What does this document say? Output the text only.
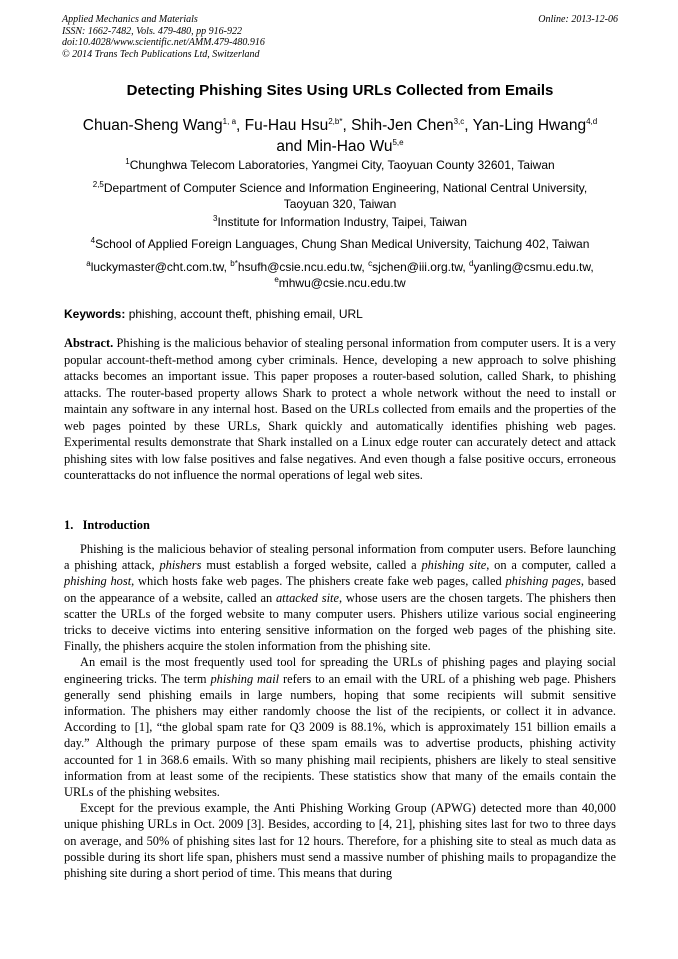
Applied Mechanics and Materials
ISSN: 1662-7482, Vols. 479-480, pp 916-922
doi:10.4028/www.scientific.net/AMM.479-480.916
© 2014 Trans Tech Publications Ltd, Switzerland
Online: 2013-12-06
Detecting Phishing Sites Using URLs Collected from Emails
Chuan-Sheng Wang$^{1, a}$, Fu-Hau Hsu$^{2,b*}$, Shih-Jen Chen$^{3,c}$, Yan-Ling Hwang$^{4,d}$
and Min-Hao Wu$^{5,e}$
$^1$Chunghwa Telecom Laboratories, Yangmei City, Taoyuan County 32601, Taiwan
$^{2,5}$Department of Computer Science and Information Engineering, National Central University,
Taoyuan 320, Taiwan
$^3$Institute for Information Industry, Taipei, Taiwan
$^4$School of Applied Foreign Languages, Chung Shan Medical University, Taichung 402, Taiwan
$^a$luckymaster@cht.com.tw, $^{b*}$hsufh@csie.ncu.edu.tw, $^c$sjchen@iii.org.tw, $^d$yanling@csmu.edu.tw,
$^e$mhwu@csie.ncu.edu.tw
Keywords: phishing, account theft, phishing email, URL
Abstract. Phishing is the malicious behavior of stealing personal information from computer users. It is a very popular account-theft-method among cyber criminals. Hence, developing a new approach to solve phishing attacks becomes an important issue. This paper proposes a router-based solution, called Shark, to phishing attacks. The router-based property allows Shark to protect a whole network without the need to install or maintain any software in any internal host. Based on the URLs collected from emails and the properties of the web pages pointed by these URLs, Shark quickly and automatically identifies phishing web pages. Experimental results demonstrate that Shark installed on a Linux edge router can accurately detect and attack phishing sites with low false positives and false negatives. And even though a false positive occurs, erroneous counterattacks do not influence the normal operations of legal web sites.
1. Introduction

Phishing is the malicious behavior of stealing personal information from computer users. Before launching a phishing attack, phishers must establish a forged website, called a phishing site, on a computer, called a phishing host, which hosts fake web pages. The phishers create fake web pages, called phishing pages, based on the appearance of a website, called an attacked site, whose users are the chosen targets. The phishers then scatter the URLs of the forged website to many computer users. Phishers utilize various social engineering tricks to deceive victims into entering sensitive information on the forged web pages of the phishing site. Finally, the phishers acquire the stolen information from the phishing site.

An email is the most frequently used tool for spreading the URLs of phishing pages and playing social engineering tricks. The term phishing mail refers to an email with the URL of a phishing web page. Phishers generally send phishing emails in large numbers, hoping that some recipients will submit sensitive information. The phishers may either randomly choose the list of the recipients, or collect it in advance. According to [1], “the global spam rate for Q3 2009 is 88.1%, which is approximately 151 billion emails a day.” Although the primary purpose of these spam emails was to advertise products, phishing activity accounted for 1 in 368.6 emails. With so many phishing mail recipients, phishers are likely to steal sensitive information from at least some of the recipients. These statistics show that many of the emails contain the URLs of the phishing websites.

Except for the previous example, the Anti Phishing Working Group (APWG) detected more than 40,000 unique phishing URLs in Oct. 2009 [3]. Besides, according to [4, 21], phishing sites last for two to three days on average, and 50% of phishing sites last for 12 hours. Therefore, for a phishing site to steal as much data as possible during its short life span, phishers must send a massive number of phishing mails to propagandize the phishing site during a short period of time. This means that during
